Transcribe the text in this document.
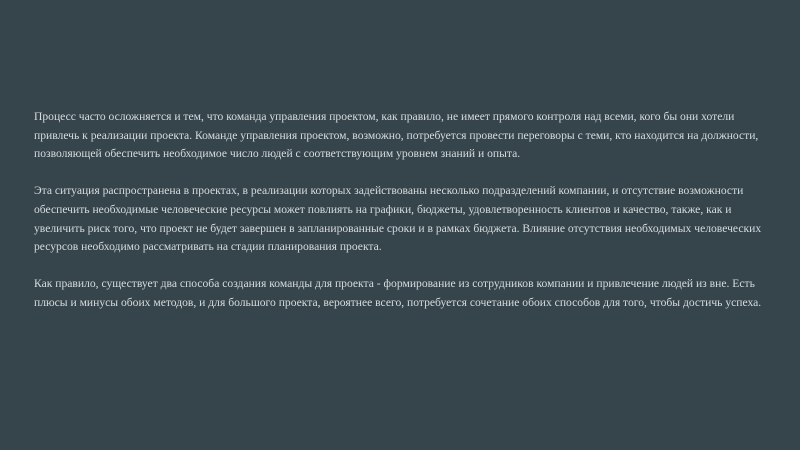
Процесс часто осложняется и тем, что команда управления проектом, как правило, не имеет прямого контроля над всеми, кого бы они хотели привлечь к реализации проекта. Команде управления проектом, возможно, потребуется провести переговоры с теми, кто находится на должности, позволяющей обеспечить необходимое число людей с соответствующим уровнем знаний и опыта.

Эта ситуация распространена в проектах, в реализации которых задействованы несколько подразделений компании, и отсутствие возможности обеспечить необходимые человеческие ресурсы может повлиять на графики, бюджеты, удовлетворенность клиентов и качество, также, как и увеличить риск того, что проект не будет завершен в запланированные сроки и в рамках бюджета. Влияние отсутствия необходимых человеческих ресурсов необходимо рассматривать на стадии планирования проекта.

Как правило, существует два способа создания команды для проекта - формирование из сотрудников компании и привлечение людей из вне. Есть плюсы и минусы обоих методов, и для большого проекта, вероятнее всего, потребуется сочетание обоих способов для того, чтобы достичь успеха.
